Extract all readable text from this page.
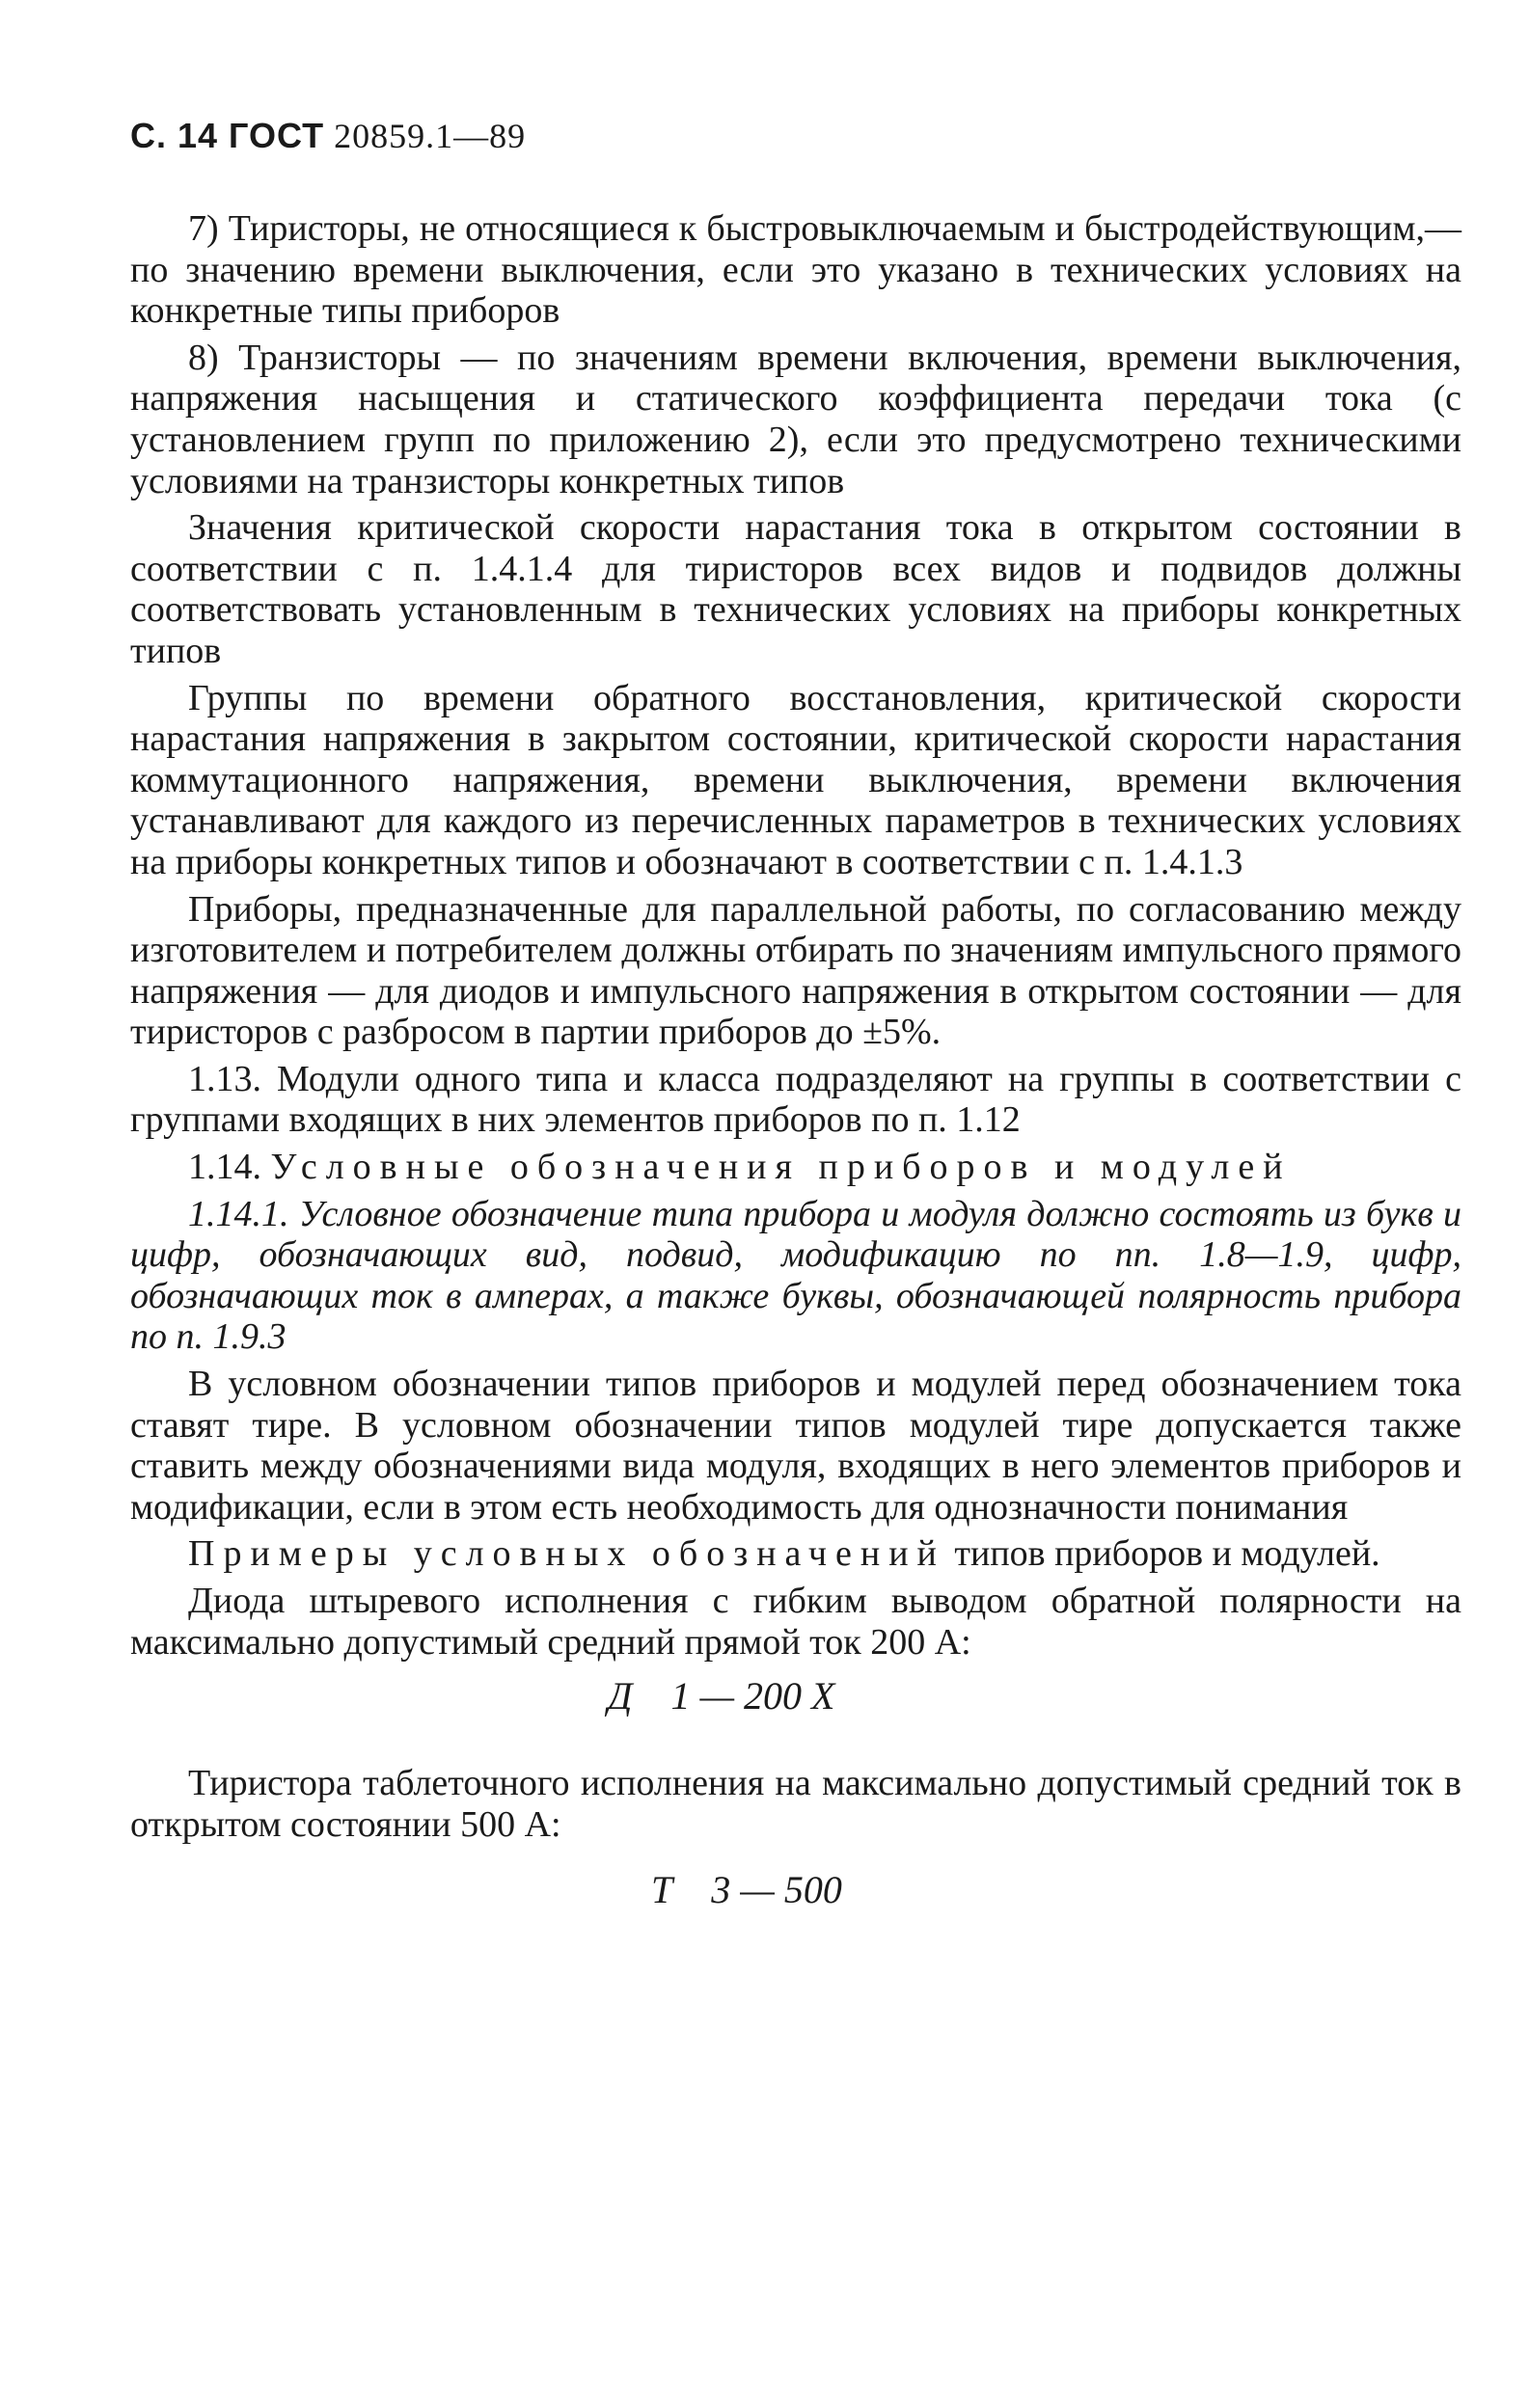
С. 14 ГОСТ 20859.1—89

7) Тиристоры, не относящиеся к быстровыключаемым и быстродействующим,— по значению времени выключения, если это указано в технических условиях на конкретные типы приборов

8) Транзисторы — по значениям времени включения, времени выключения, напряжения насыщения и статического коэффициента передачи тока (с установлением групп по приложению 2), если это предусмотрено техническими условиями на транзисторы конкретных типов

Значения критической скорости нарастания тока в открытом состоянии в соответствии с п. 1.4.1.4 для тиристоров всех видов и подвидов должны соответствовать установленным в технических условиях на приборы конкретных типов

Группы по времени обратного восстановления, критической скорости нарастания напряжения в закрытом состоянии, критической скорости нарастания коммутационного напряжения, времени выключения, времени включения устанавливают для каждого из перечисленных параметров в технических условиях на приборы конкретных типов и обозначают в соответствии с п. 1.4.1.3

Приборы, предназначенные для параллельной работы, по согласованию между изготовителем и потребителем должны отбирать по значениям импульсного прямого напряжения — для диодов и импульсного напряжения в открытом состоянии — для тиристоров с разбросом в партии приборов до ±5%.

1.13. Модули одного типа и класса подразделяют на группы в соответствии с группами входящих в них элементов приборов по п. 1.12

1.14. Условные обозначения приборов и модулей

1.14.1. Условное обозначение типа прибора и модуля должно состоять из букв и цифр, обозначающих вид, подвид, модификацию по пп. 1.8—1.9, цифр, обозначающих ток в амперах, а также буквы, обозначающей полярность прибора по п. 1.9.3

В условном обозначении типов приборов и модулей перед обозначением тока ставят тире. В условном обозначении типов модулей тире допускается также ставить между обозначениями вида модуля, входящих в него элементов приборов и модификации, если в этом есть необходимость для однозначности понимания

Примеры условных обозначений типов приборов и модулей.

Диода штыревого исполнения с гибким выводом обратной полярности на максимально допустимый средний прямой ток 200 А:

Д    1 — 200 Х

Тиристора таблеточного исполнения на максимально допустимый средний ток в открытом состоянии 500 А:

Т    3 — 500
